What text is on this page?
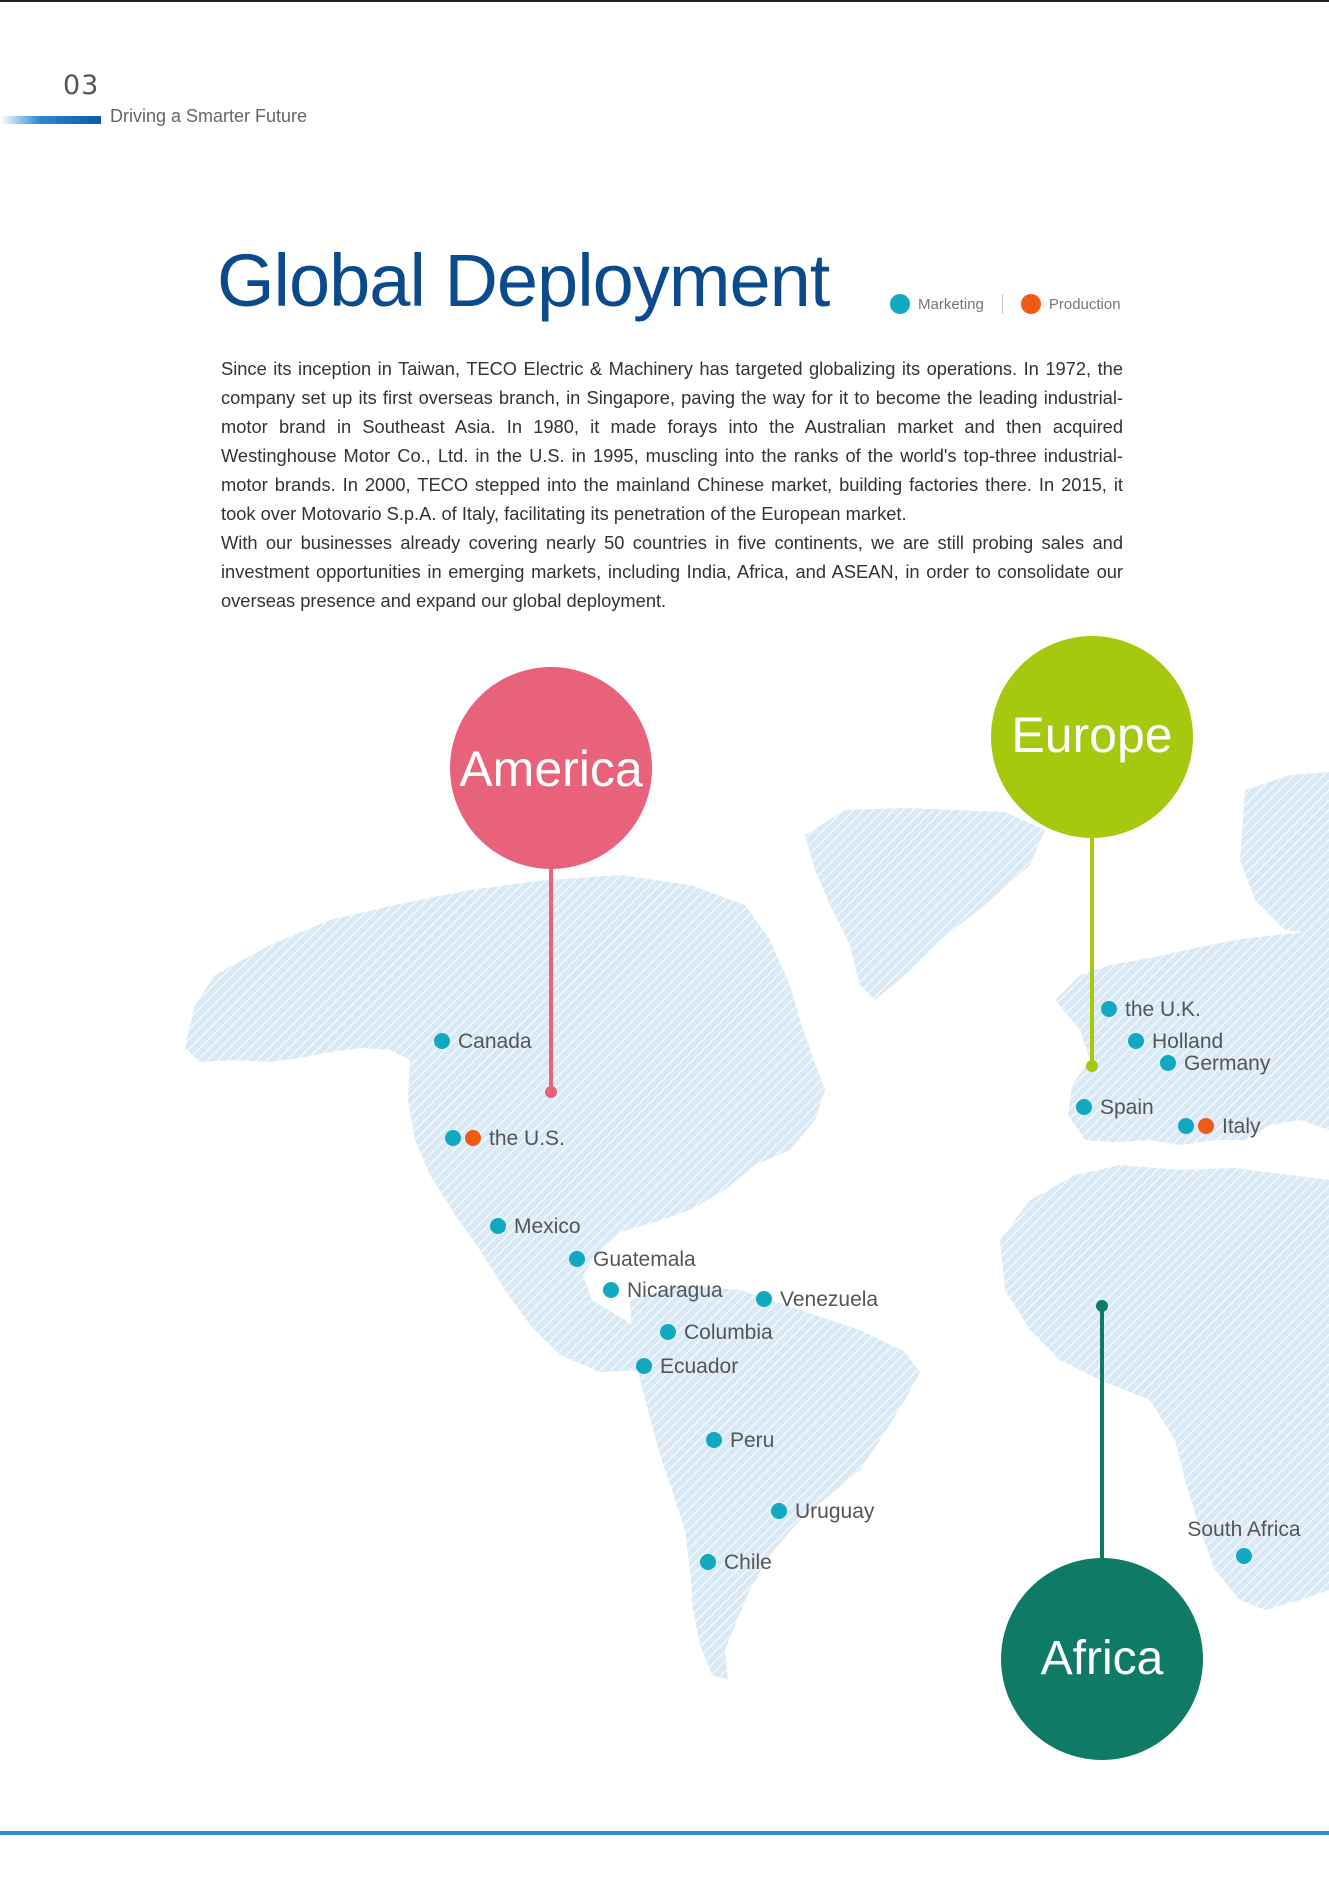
03
Driving a Smarter Future
Global Deployment	Marketing	Production

Since its inception in Taiwan, TECO Electric & Machinery has targeted globalizing its operations. In 1972, the company set up its first overseas branch, in Singapore, paving the way for it to become the leading industrial-motor brand in Southeast Asia. In 1980, it made forays into the Australian market and then acquired Westinghouse Motor Co., Ltd. in the U.S. in 1995, muscling into the ranks of the world's top-three industrial-motor brands. In 2000, TECO stepped into the mainland Chinese market, building factories there. In 2015, it took over Motovario S.p.A. of Italy, facilitating its penetration of the European market.

With our businesses already covering nearly 50 countries in five continents, we are still probing sales and investment opportunities in emerging markets, including India, Africa, and ASEAN, in order to consolidate our overseas presence and expand our global deployment.

America
Europe
Africa
Canada
the U.S.
Mexico
Guatemala
Nicaragua	Venezuela
Columbia
Ecuador
Peru
Uruguay
Chile
the U.K.
Holland
Germany
Spain
Italy
South Africa
